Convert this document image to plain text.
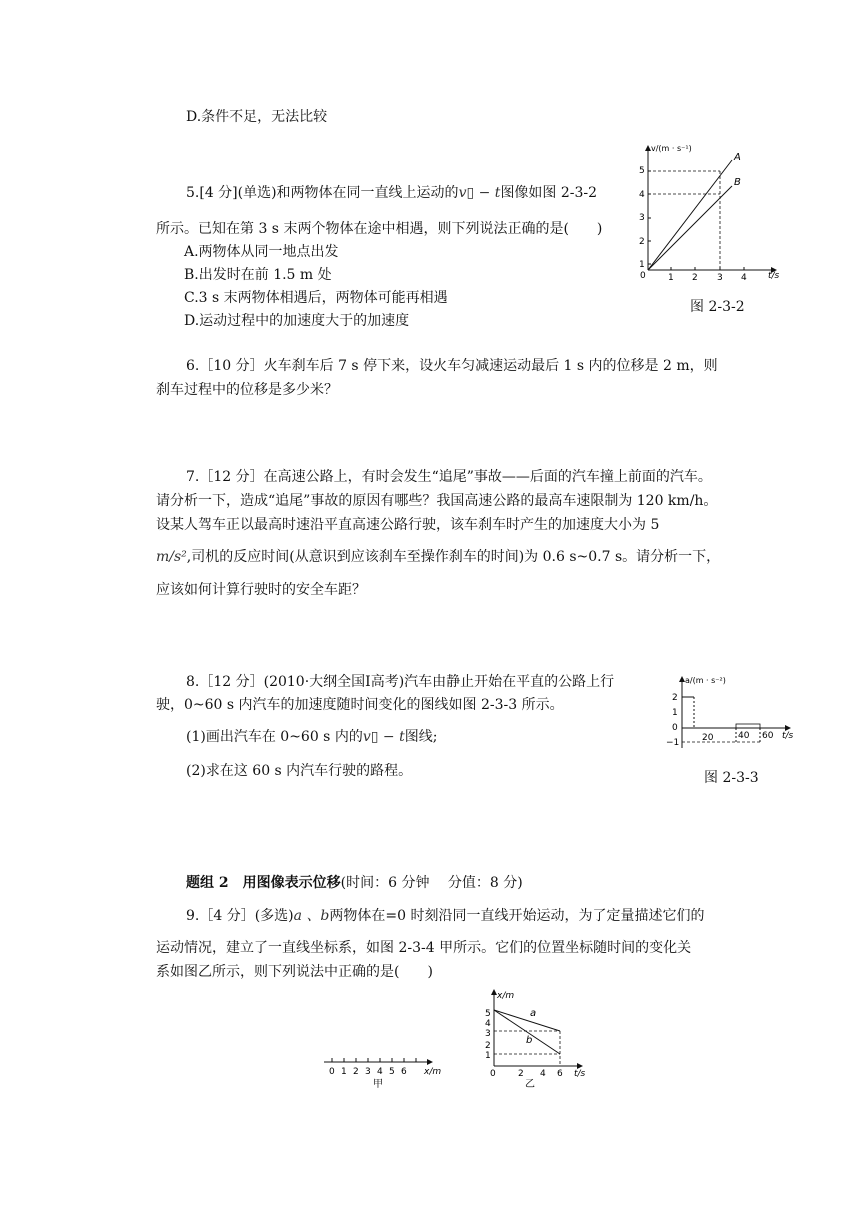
D.条件不足，无法比较
5.[4 分](单选)和两物体在同一直线上运动的v▯ − t图像如图 2-3-2
所示。已知在第 3 s 末两个物体在途中相遇，则下列说法正确的是(　　)
A.两物体从同一地点出发
B.出发时在前 1.5 m 处
C.3 s 末两物体相遇后，两物体可能再相遇
D.运动过程中的加速度大于的加速度
v/(m · s⁻¹)
t/s
5
4
3
2
1
0 1 2 3 4
A
B
图 2-3-2
6.［10 分］火车刹车后 7 s 停下来，设火车匀减速运动最后 1 s 内的位移是 2 m，则
刹车过程中的位移是多少米？
7.［12 分］在高速公路上，有时会发生“追尾”事故——后面的汽车撞上前面的汽车。
请分析一下，造成“追尾”事故的原因有哪些？我国高速公路的最高车速限制为 120 km/h。
设某人驾车正以最高时速沿平直高速公路行驶，该车刹车时产生的加速度大小为 5
m/s²,司机的反应时间(从意识到应该刹车至操作刹车的时间)为 0.6 s~0.7 s。请分析一下，
应该如何计算行驶时的安全车距？
8.［12 分］(2010·大纲全国Ⅰ高考)汽车由静止开始在平直的公路上行
驶，0~60 s 内汽车的加速度随时间变化的图线如图 2-3-3 所示。
(1)画出汽车在 0~60 s 内的v▯ − t图线;
(2)求在这 60 s 内汽车行驶的路程。
a/(m · s⁻²)
t/s
2
1
0
−1	20	40 60
图 2-3-3
题组 2　用图像表示位移(时间：6 分钟　 分值：8 分)
9.［4 分］(多选)a 、b两物体在=0 时刻沿同一直线开始运动，为了定量描述它们的
运动情况，建立了一直线坐标系，如图 2-3-4 甲所示。它们的位置坐标随时间的变化关
系如图乙所示，则下列说法中正确的是(　　)
0 1 2 3 4 5 6 x/m
甲
x/m
t/s
5
4
3
2
1
0 2 4 6
a
b
乙
